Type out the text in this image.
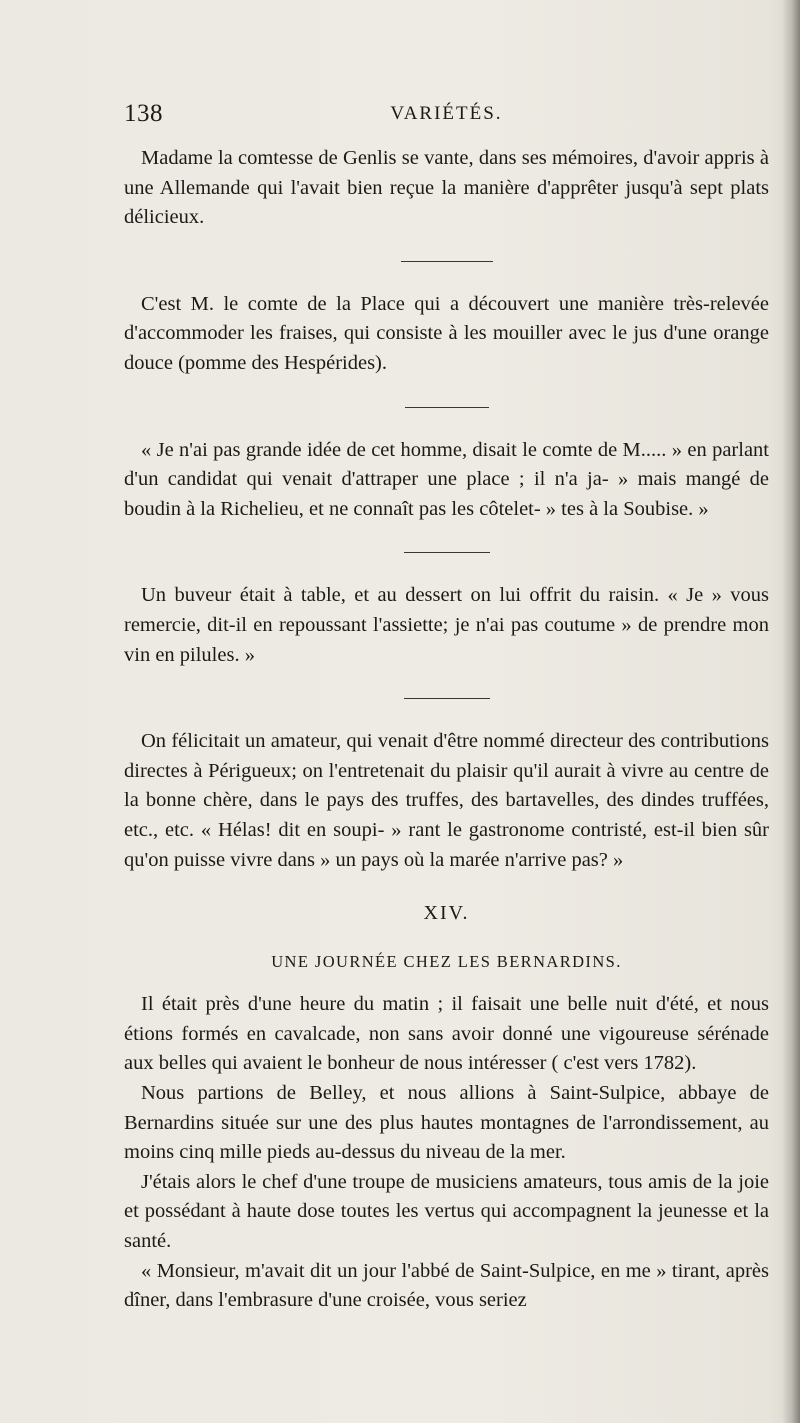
138	VARIÉTÉS.

Madame la comtesse de Genlis se vante, dans ses mémoires, d'avoir appris à une Allemande qui l'avait bien reçue la manière d'apprêter jusqu'à sept plats délicieux.

C'est M. le comte de la Place qui a découvert une manière très-relevée d'accommoder les fraises, qui consiste à les mouiller avec le jus d'une orange douce (pomme des Hespérides).

« Je n'ai pas grande idée de cet homme, disait le comte de M..... » en parlant d'un candidat qui venait d'attraper une place ; il n'a ja- » mais mangé de boudin à la Richelieu, et ne connaît pas les côtelet- » tes à la Soubise. »

Un buveur était à table, et au dessert on lui offrit du raisin. « Je » vous remercie, dit-il en repoussant l'assiette; je n'ai pas coutume » de prendre mon vin en pilules. »

On félicitait un amateur, qui venait d'être nommé directeur des contributions directes à Périgueux; on l'entretenait du plaisir qu'il aurait à vivre au centre de la bonne chère, dans le pays des truffes, des bartavelles, des dindes truffées, etc., etc. « Hélas! dit en soupi- » rant le gastronome contristé, est-il bien sûr qu'on puisse vivre dans » un pays où la marée n'arrive pas? »

XIV.
UNE JOURNÉE CHEZ LES BERNARDINS.

Il était près d'une heure du matin ; il faisait une belle nuit d'été, et nous étions formés en cavalcade, non sans avoir donné une vigoureuse sérénade aux belles qui avaient le bonheur de nous intéresser ( c'est vers 1782).

Nous partions de Belley, et nous allions à Saint-Sulpice, abbaye de Bernardins située sur une des plus hautes montagnes de l'arrondissement, au moins cinq mille pieds au-dessus du niveau de la mer.

J'étais alors le chef d'une troupe de musiciens amateurs, tous amis de la joie et possédant à haute dose toutes les vertus qui accompagnent la jeunesse et la santé.

« Monsieur, m'avait dit un jour l'abbé de Saint-Sulpice, en me » tirant, après dîner, dans l'embrasure d'une croisée, vous seriez
